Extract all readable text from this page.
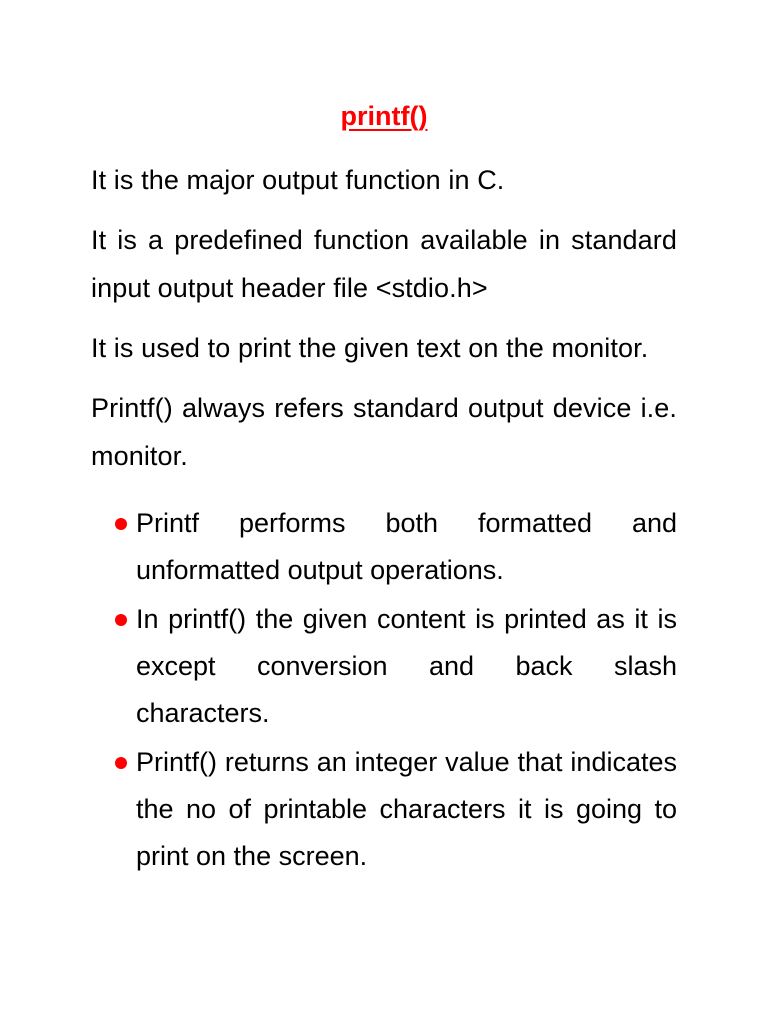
printf()

It is the major output function in C.

It is a predefined function available in standard input output header file <stdio.h>

It is used to print the given text on the monitor.

Printf() always refers standard output device i.e. monitor.

Printf performs both formatted and unformatted output operations.
In printf() the given content is printed as it is except conversion and back slash characters.
Printf() returns an integer value that indicates the no of printable characters it is going to print on the screen.
